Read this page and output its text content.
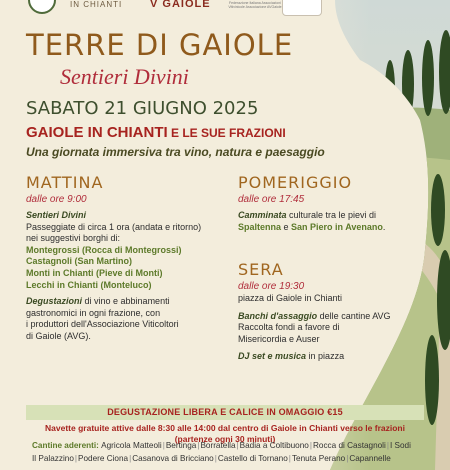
IN CHIANTI	V GAIOLE	Federazione Italiana Associazioni Vitivinicole Associazione AVGaiole
TERRE DI GAIOLE
Sentieri Divini
SABATO 21 GIUGNO 2025
GAIOLE IN CHIANTI E LE SUE FRAZIONI
Una giornata immersiva tra vino, natura e paesaggio
MATTINA
dalle ore 9:00
Sentieri Divini
Passeggiate di circa 1 ora (andata e ritorno)
nei suggestivi borghi di:
Montegrossi (Rocca di Montegrossi)
Castagnoli (San Martino)
Monti in Chianti (Pieve di Monti)
Lecchi in Chianti (Monteluco)
Degustazioni di vino e abbinamenti
gastronomici in ogni frazione, con
i produttori dell'Associazione Viticoltori
di Gaiole (AVG).
POMERIGGIO
dalle ore 17:45
Camminata culturale tra le pievi di
Spaltenna e San Piero in Avenano.
SERA
dalle ore 19:30
piazza di Gaiole in Chianti
Banchi d'assaggio delle cantine AVG
Raccolta fondi a favore di
Misericordia e Auser
DJ set e musica in piazza
DEGUSTAZIONE LIBERA E CALICE IN OMAGGIO €15
Navette gratuite attive dalle 8:30 alle 14:00 dal centro di Gaiole in Chianti verso le frazioni
(partenze ogni 30 minuti)
Cantine aderenti: Agricola Matteoli|Bertinga|Borratella|Badia a Coltibuono|Rocca di Castagnoli|I Sodi
Il Palazzino|Podere Ciona|Casanova di Bricciano|Castello di Tornano|Tenuta Perano|Capannelle
